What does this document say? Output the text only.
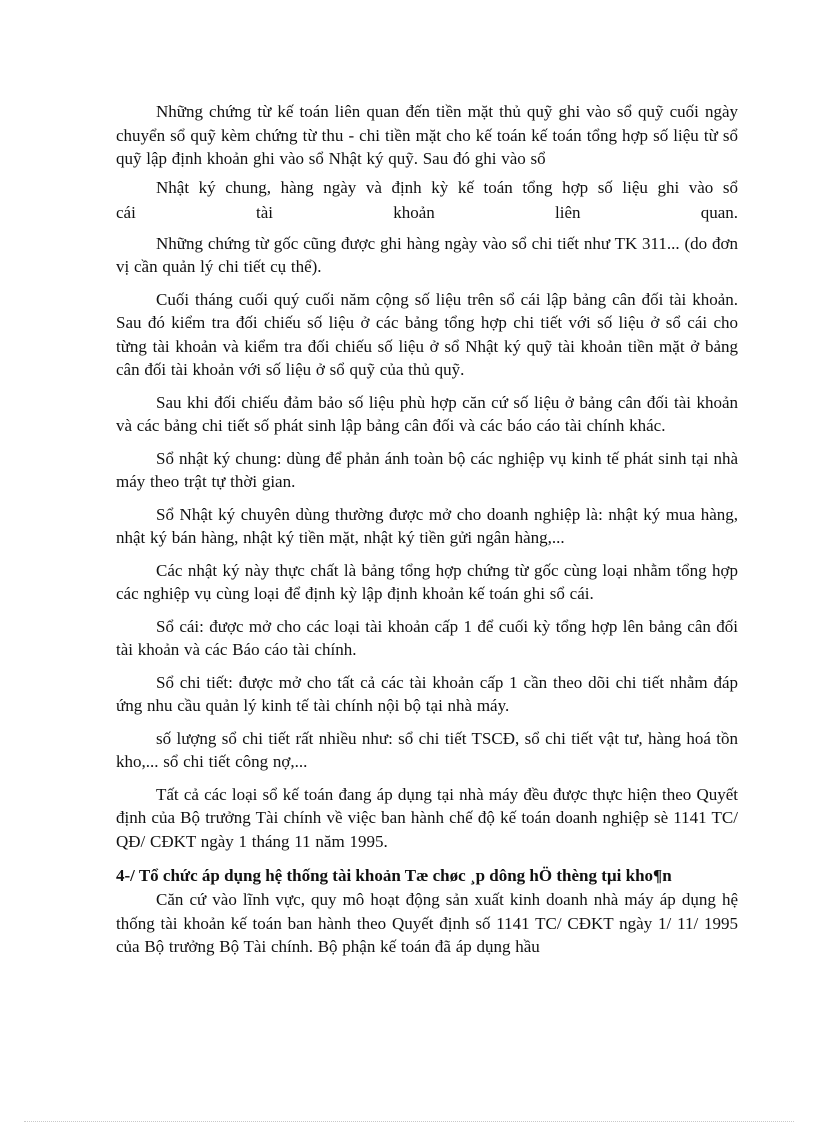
Những chứng từ kế toán liên quan đến tiền mặt thủ quỹ ghi vào sổ quỹ cuối ngày chuyển sổ quỹ kèm chứng từ thu - chi tiền mặt cho kế toán kế toán tổng hợp số liệu từ sổ quỹ lập định khoản ghi vào sổ Nhật ký quỹ. Sau đó ghi vào sổ

Nhật ký chung, hàng ngày và định kỳ kế toán tổng hợp số liệu ghi vào sổ

cái tài khoản liên quan.

Những chứng từ gốc cũng được ghi hàng ngày vào sổ chi tiết như TK 311... (do đơn vị cần quản lý chi tiết cụ thể).

Cuối tháng cuối quý cuối năm cộng số liệu trên sổ cái lập bảng cân đối tài khoản. Sau đó kiểm tra đối chiếu số liệu ở các bảng tổng hợp chi tiết với số liệu ở sổ cái cho từng tài khoản và kiểm tra đối chiếu số liệu ở sổ Nhật ký quỹ tài khoản tiền mặt ở bảng cân đối tài khoản với số liệu ở sổ quỹ của thủ quỹ.

Sau khi đối chiếu đảm bảo số liệu phù hợp căn cứ số liệu ở bảng cân đối tài khoản và các bảng chi tiết số phát sinh lập bảng cân đối và các báo cáo tài chính khác.

Sổ nhật ký chung: dùng để phản ánh toàn bộ các nghiệp vụ kinh tế phát sinh tại nhà máy theo trật tự thời gian.

Sổ Nhật ký chuyên dùng thường được mở cho doanh nghiệp là: nhật ký mua hàng, nhật ký bán hàng, nhật ký tiền mặt, nhật ký tiền gửi ngân hàng,...

Các nhật ký này thực chất là bảng tổng hợp chứng từ gốc cùng loại nhằm tổng hợp các nghiệp vụ cùng loại để định kỳ lập định khoản kế toán ghi sổ cái.

Sổ cái: được mở cho các loại tài khoản cấp 1 để cuối kỳ tổng hợp lên bảng cân đối tài khoản và các Báo cáo tài chính.

Sổ chi tiết: được mở cho tất cả các tài khoản cấp 1 cần theo dõi chi tiết nhằm đáp ứng nhu cầu quản lý kinh tế tài chính nội bộ tại nhà máy.

số lượng sổ chi tiết rất nhiều như: sổ chi tiết TSCĐ, sổ chi tiết vật tư, hàng hoá tồn kho,... sổ chi tiết công nợ,...

Tất cả các loại sổ kế toán đang áp dụng tại nhà máy đều được thực hiện theo Quyết định của Bộ trưởng Tài chính về việc ban hành chế độ kế toán doanh nghiệp sè 1141 TC/ QĐ/ CĐKT ngày 1 tháng 11 năm 1995.

4-/ Tổ chức áp dụng hệ thống tài khoản Tæ chøc ¸p dông hÖ thèng tµi kho¶n

Căn cứ vào lĩnh vực, quy mô hoạt động sản xuất kinh doanh nhà máy áp dụng hệ thống tài khoản kế toán ban hành theo Quyết định số 1141 TC/ CĐKT ngày 1/ 11/ 1995 của Bộ trưởng Bộ Tài chính. Bộ phận kế toán đã áp dụng hầu
